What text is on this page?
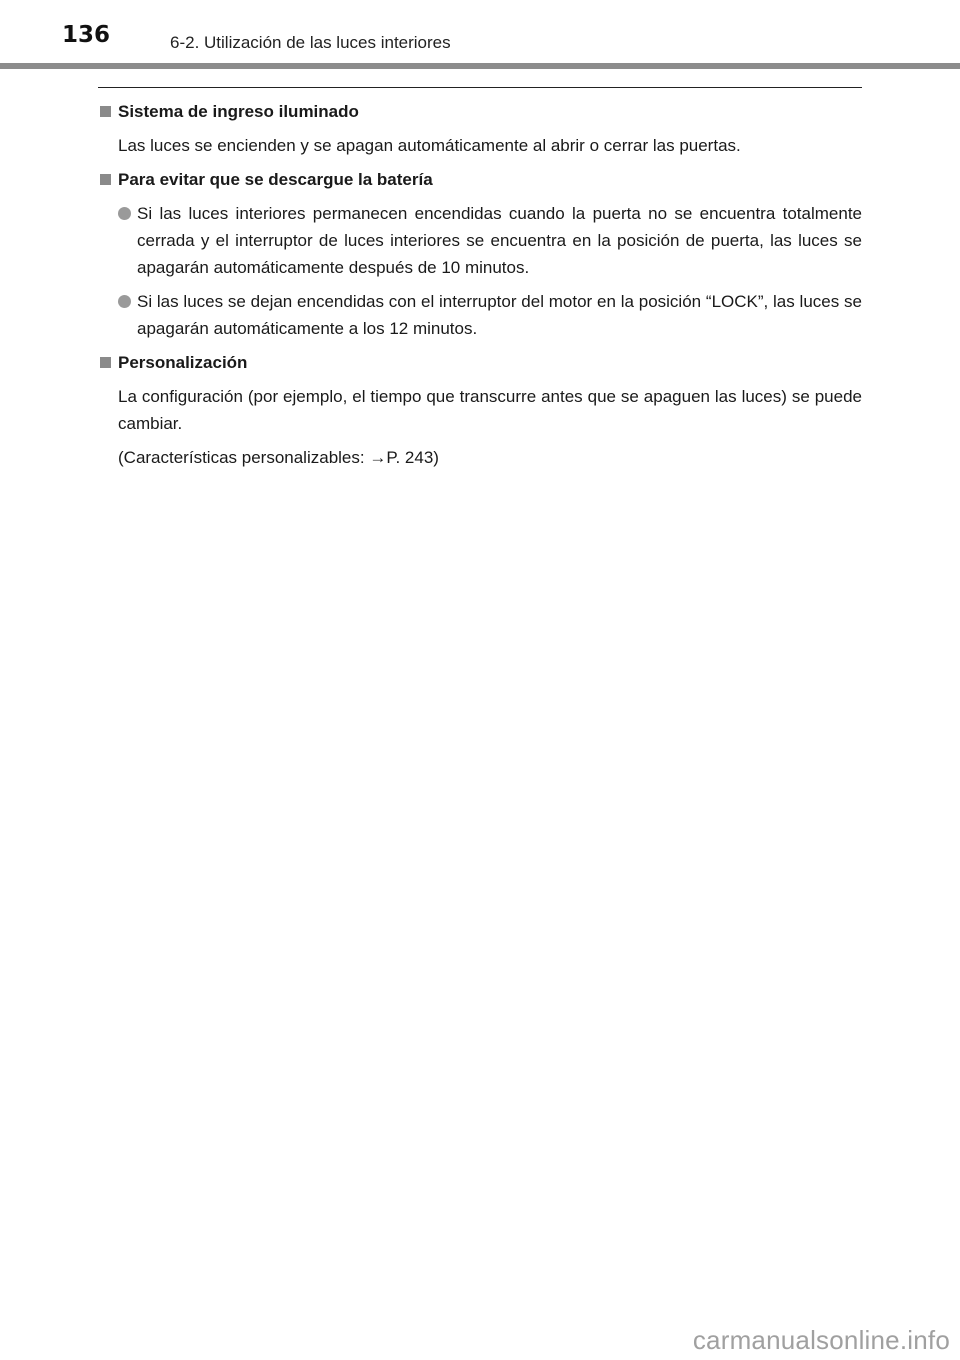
136	6-2. Utilización de las luces interiores
Sistema de ingreso iluminado
Las luces se encienden y se apagan automáticamente al abrir o cerrar las puertas.
Para evitar que se descargue la batería
Si las luces interiores permanecen encendidas cuando la puerta no se encuentra totalmente cerrada y el interruptor de luces interiores se encuentra en la posición de puerta, las luces se apagarán automáticamente después de 10 minutos.
Si las luces se dejan encendidas con el interruptor del motor en la posición “LOCK”, las luces se apagarán automáticamente a los 12 minutos.
Personalización
La configuración (por ejemplo, el tiempo que transcurre antes que se apaguen las luces) se puede cambiar.
(Características personalizables: →P. 243)
carmanualsonline.info
